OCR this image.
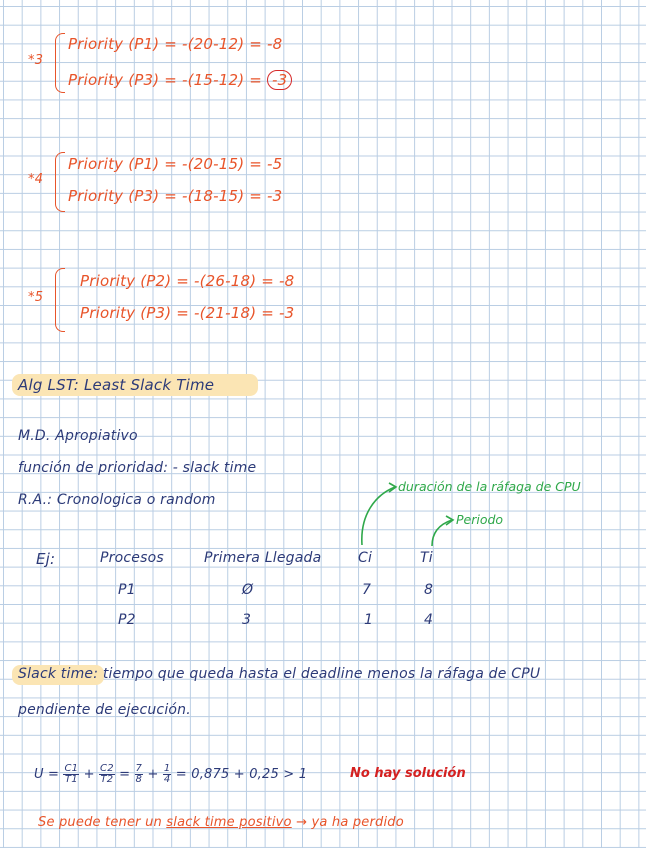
*3
Priority (P1) = -(20-12) = -8
Priority (P3) = -(15-12) = -3
*4
Priority (P1) = -(20-15) = -5
Priority (P3) = -(18-15) = -3
*5
Priority (P2) = -(26-18) = -8
Priority (P3) = -(21-18) = -3
Alg LST: Least Slack Time
M.D. Apropiativo
función de prioridad: - slack time
R.A.: Cronologica o random
duración de la ráfaga de CPU
Periodo
Ej:	Procesos	Primera Llegada	Ci	Ti
P1	Ø	7	8
P2	3	1	4
Slack time: tiempo que queda hasta el deadline menos la ráfaga de CPU
pendiente de ejecución.
$U = \frac{C1}{T1} + \frac{C2}{T2} = \frac{7}{8} + \frac{1}{4} = 0,875 + 0,25 > 1$	No hay solución
Se puede tener un slack time positivo → ya ha perdido
